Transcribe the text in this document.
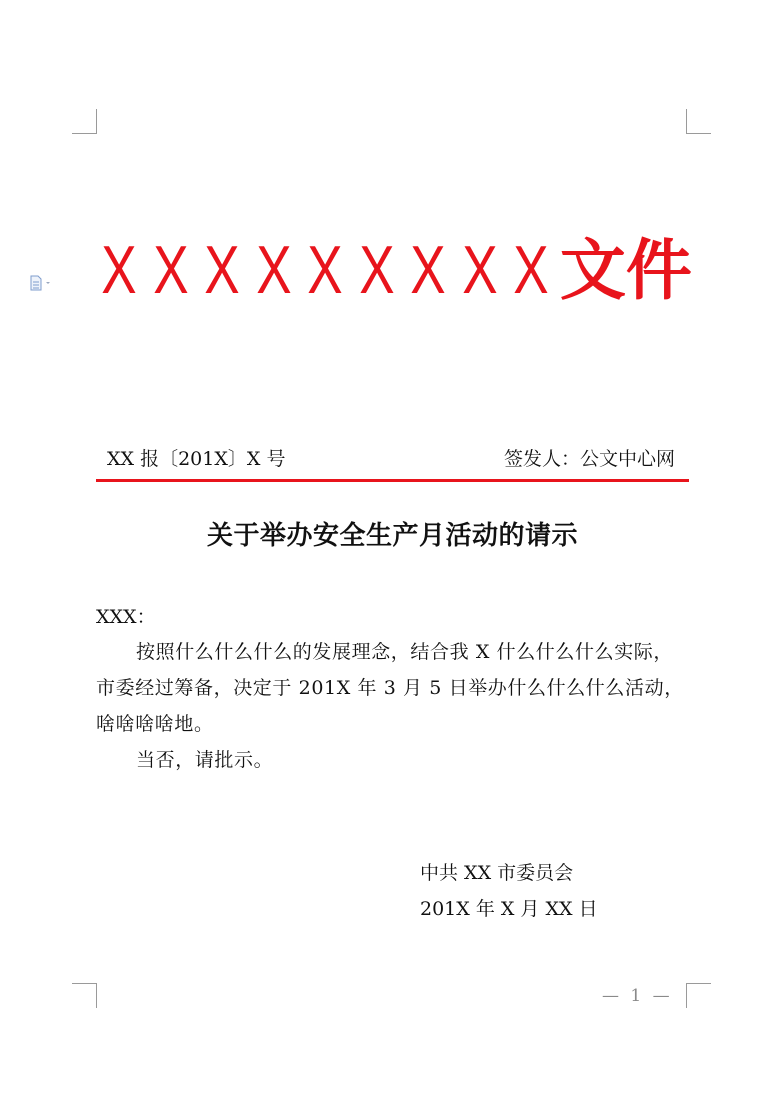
X X X X X X X X X 文件
XX 报〔201X〕X 号	签发人：公文中心网
关于举办安全生产月活动的请示
XXX：

按照什么什么什么的发展理念，结合我 X 什么什么什么实际，市委经过筹备，决定于 201X 年 3 月 5 日举办什么什么什么活动，啥啥啥啥地。

当否，请批示。

中共 XX 市委员会
201X 年 X 月 XX 日
— 1 —
